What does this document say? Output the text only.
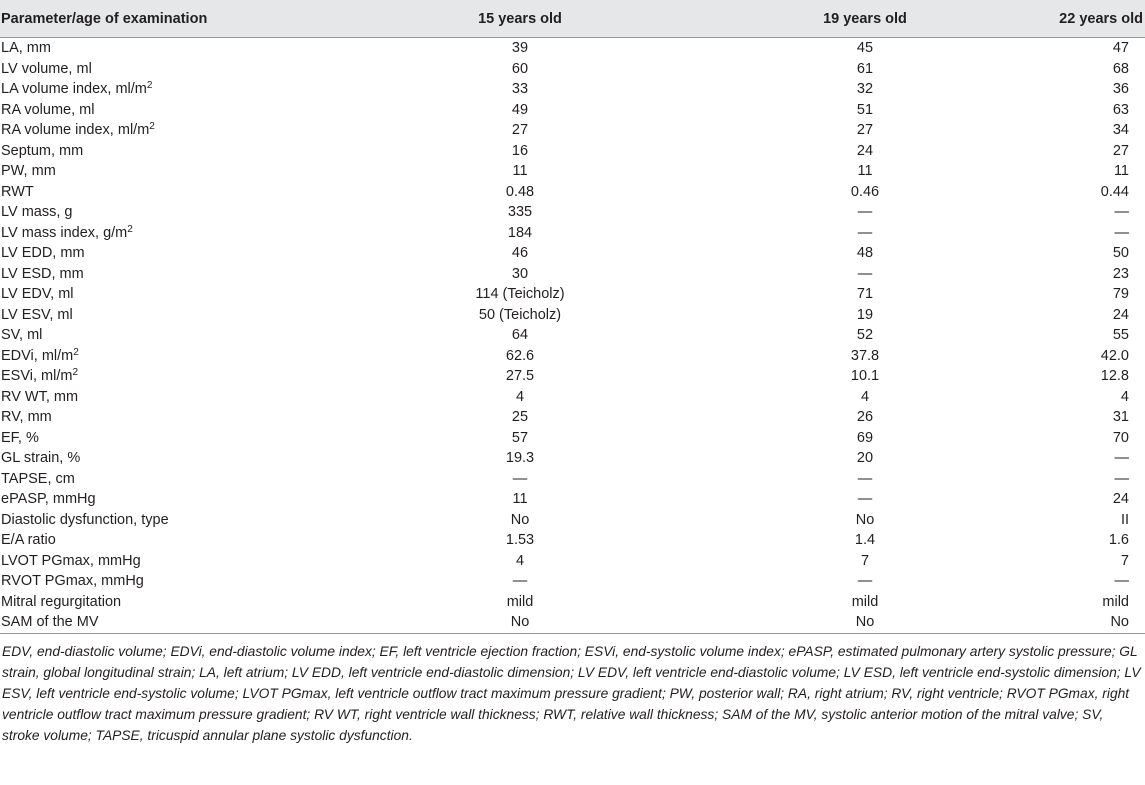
Parameter/age of examination	15 years old	19 years old	22 years old
LA, mm	39	45	47
LV volume, ml	60	61	68
LA volume index, $ml/m^2$	33	32	36
RA volume, ml	49	51	63
RA volume index, $ml/m^2$	27	27	34
Septum, mm	16	24	27
PW, mm	11	11	11
RWT	0.48	0.46	0.44
LV mass, g	335	—	—
LV mass index, $g/m^2$	184	—	—
LV EDD, mm	46	48	50
LV ESD, mm	30	—	23
LV EDV, ml	114 (Teicholz)	71	79
LV ESV, ml	50 (Teicholz)	19	24
SV, ml	64	52	55
EDVi, $ml/m^2$	62.6	37.8	42.0
ESVi, $ml/m^2$	27.5	10.1	12.8
RV WT, mm	4	4	4
RV, mm	25	26	31
EF, %	57	69	70
GL strain, %	19.3	20	—
TAPSE, cm	—	—	—
ePASP, mmHg	11	—	24
Diastolic dysfunction, type	No	No	II
E/A ratio	1.53	1.4	1.6
LVOT PGmax, mmHg	4	7	7
RVOT PGmax, mmHg	—	—	—
Mitral regurgitation	mild	mild	mild
SAM of the MV	No	No	No

EDV, end-diastolic volume; EDVi, end-diastolic volume index; EF, left ventricle ejection fraction; ESVi, end-systolic volume index; ePASP, estimated pulmonary artery systolic pressure; GL strain, global longitudinal strain; LA, left atrium; LV EDD, left ventricle end-diastolic dimension; LV EDV, left ventricle end-diastolic volume; LV ESD, left ventricle end-systolic dimension; LV ESV, left ventricle end-systolic volume; LVOT PGmax, left ventricle outflow tract maximum pressure gradient; PW, posterior wall; RA, right atrium; RV, right ventricle; RVOT PGmax, right ventricle outflow tract maximum pressure gradient; RV WT, right ventricle wall thickness; RWT, relative wall thickness; SAM of the MV, systolic anterior motion of the mitral valve; SV, stroke volume; TAPSE, tricuspid annular plane systolic dysfunction.
